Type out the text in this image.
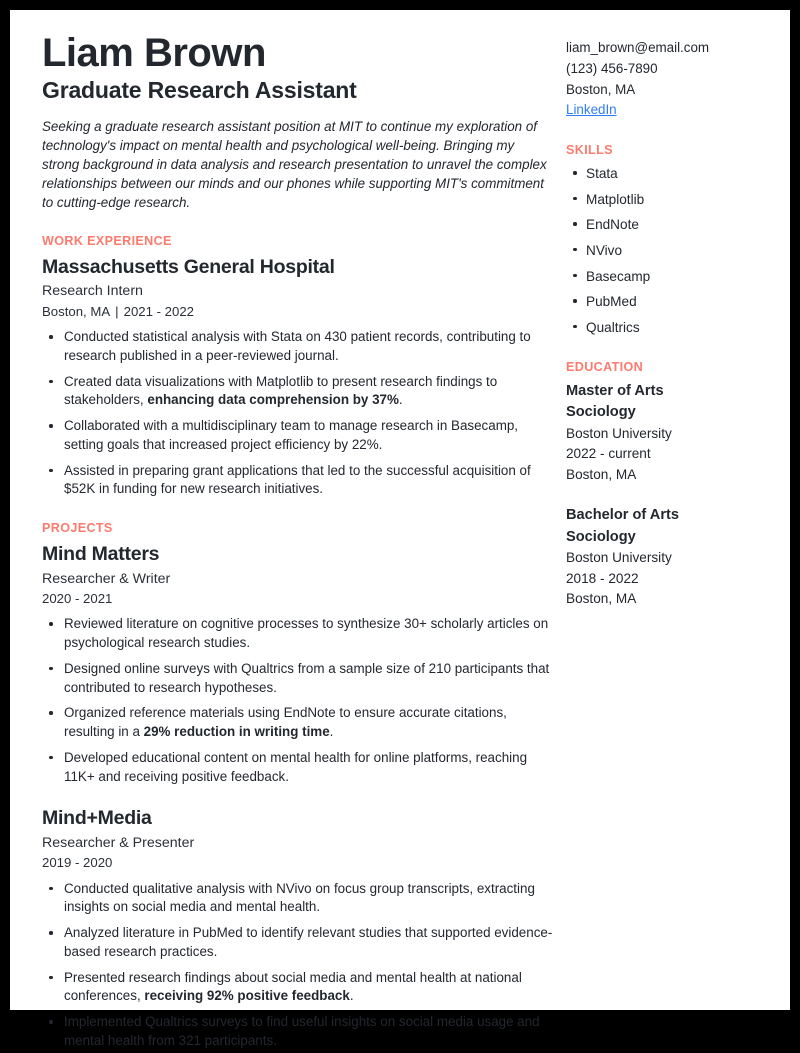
Liam Brown
Graduate Research Assistant
Seeking a graduate research assistant position at MIT to continue my exploration of technology's impact on mental health and psychological well-being. Bringing my strong background in data analysis and research presentation to unravel the complex relationships between our minds and our phones while supporting MIT's commitment to cutting-edge research.
WORK EXPERIENCE
Massachusetts General Hospital
Research Intern
Boston, MA | 2021 - 2022
Conducted statistical analysis with Stata on 430 patient records, contributing to research published in a peer-reviewed journal.
Created data visualizations with Matplotlib to present research findings to stakeholders, enhancing data comprehension by 37%.
Collaborated with a multidisciplinary team to manage research in Basecamp, setting goals that increased project efficiency by 22%.
Assisted in preparing grant applications that led to the successful acquisition of $52K in funding for new research initiatives.
PROJECTS
Mind Matters
Researcher & Writer
2020 - 2021
Reviewed literature on cognitive processes to synthesize 30+ scholarly articles on psychological research studies.
Designed online surveys with Qualtrics from a sample size of 210 participants that contributed to research hypotheses.
Organized reference materials using EndNote to ensure accurate citations, resulting in a 29% reduction in writing time.
Developed educational content on mental health for online platforms, reaching 11K+ and receiving positive feedback.
Mind+Media
Researcher & Presenter
2019 - 2020
Conducted qualitative analysis with NVivo on focus group transcripts, extracting insights on social media and mental health.
Analyzed literature in PubMed to identify relevant studies that supported evidence-based research practices.
Presented research findings about social media and mental health at national conferences, receiving 92% positive feedback.
Implemented Qualtrics surveys to find useful insights on social media usage and mental health from 321 participants.
liam_brown@email.com
(123) 456-7890
Boston, MA
LinkedIn
SKILLS
Stata
Matplotlib
EndNote
NVivo
Basecamp
PubMed
Qualtrics
EDUCATION
Master of Arts
Sociology
Boston University
2022 - current
Boston, MA
Bachelor of Arts
Sociology
Boston University
2018 - 2022
Boston, MA
